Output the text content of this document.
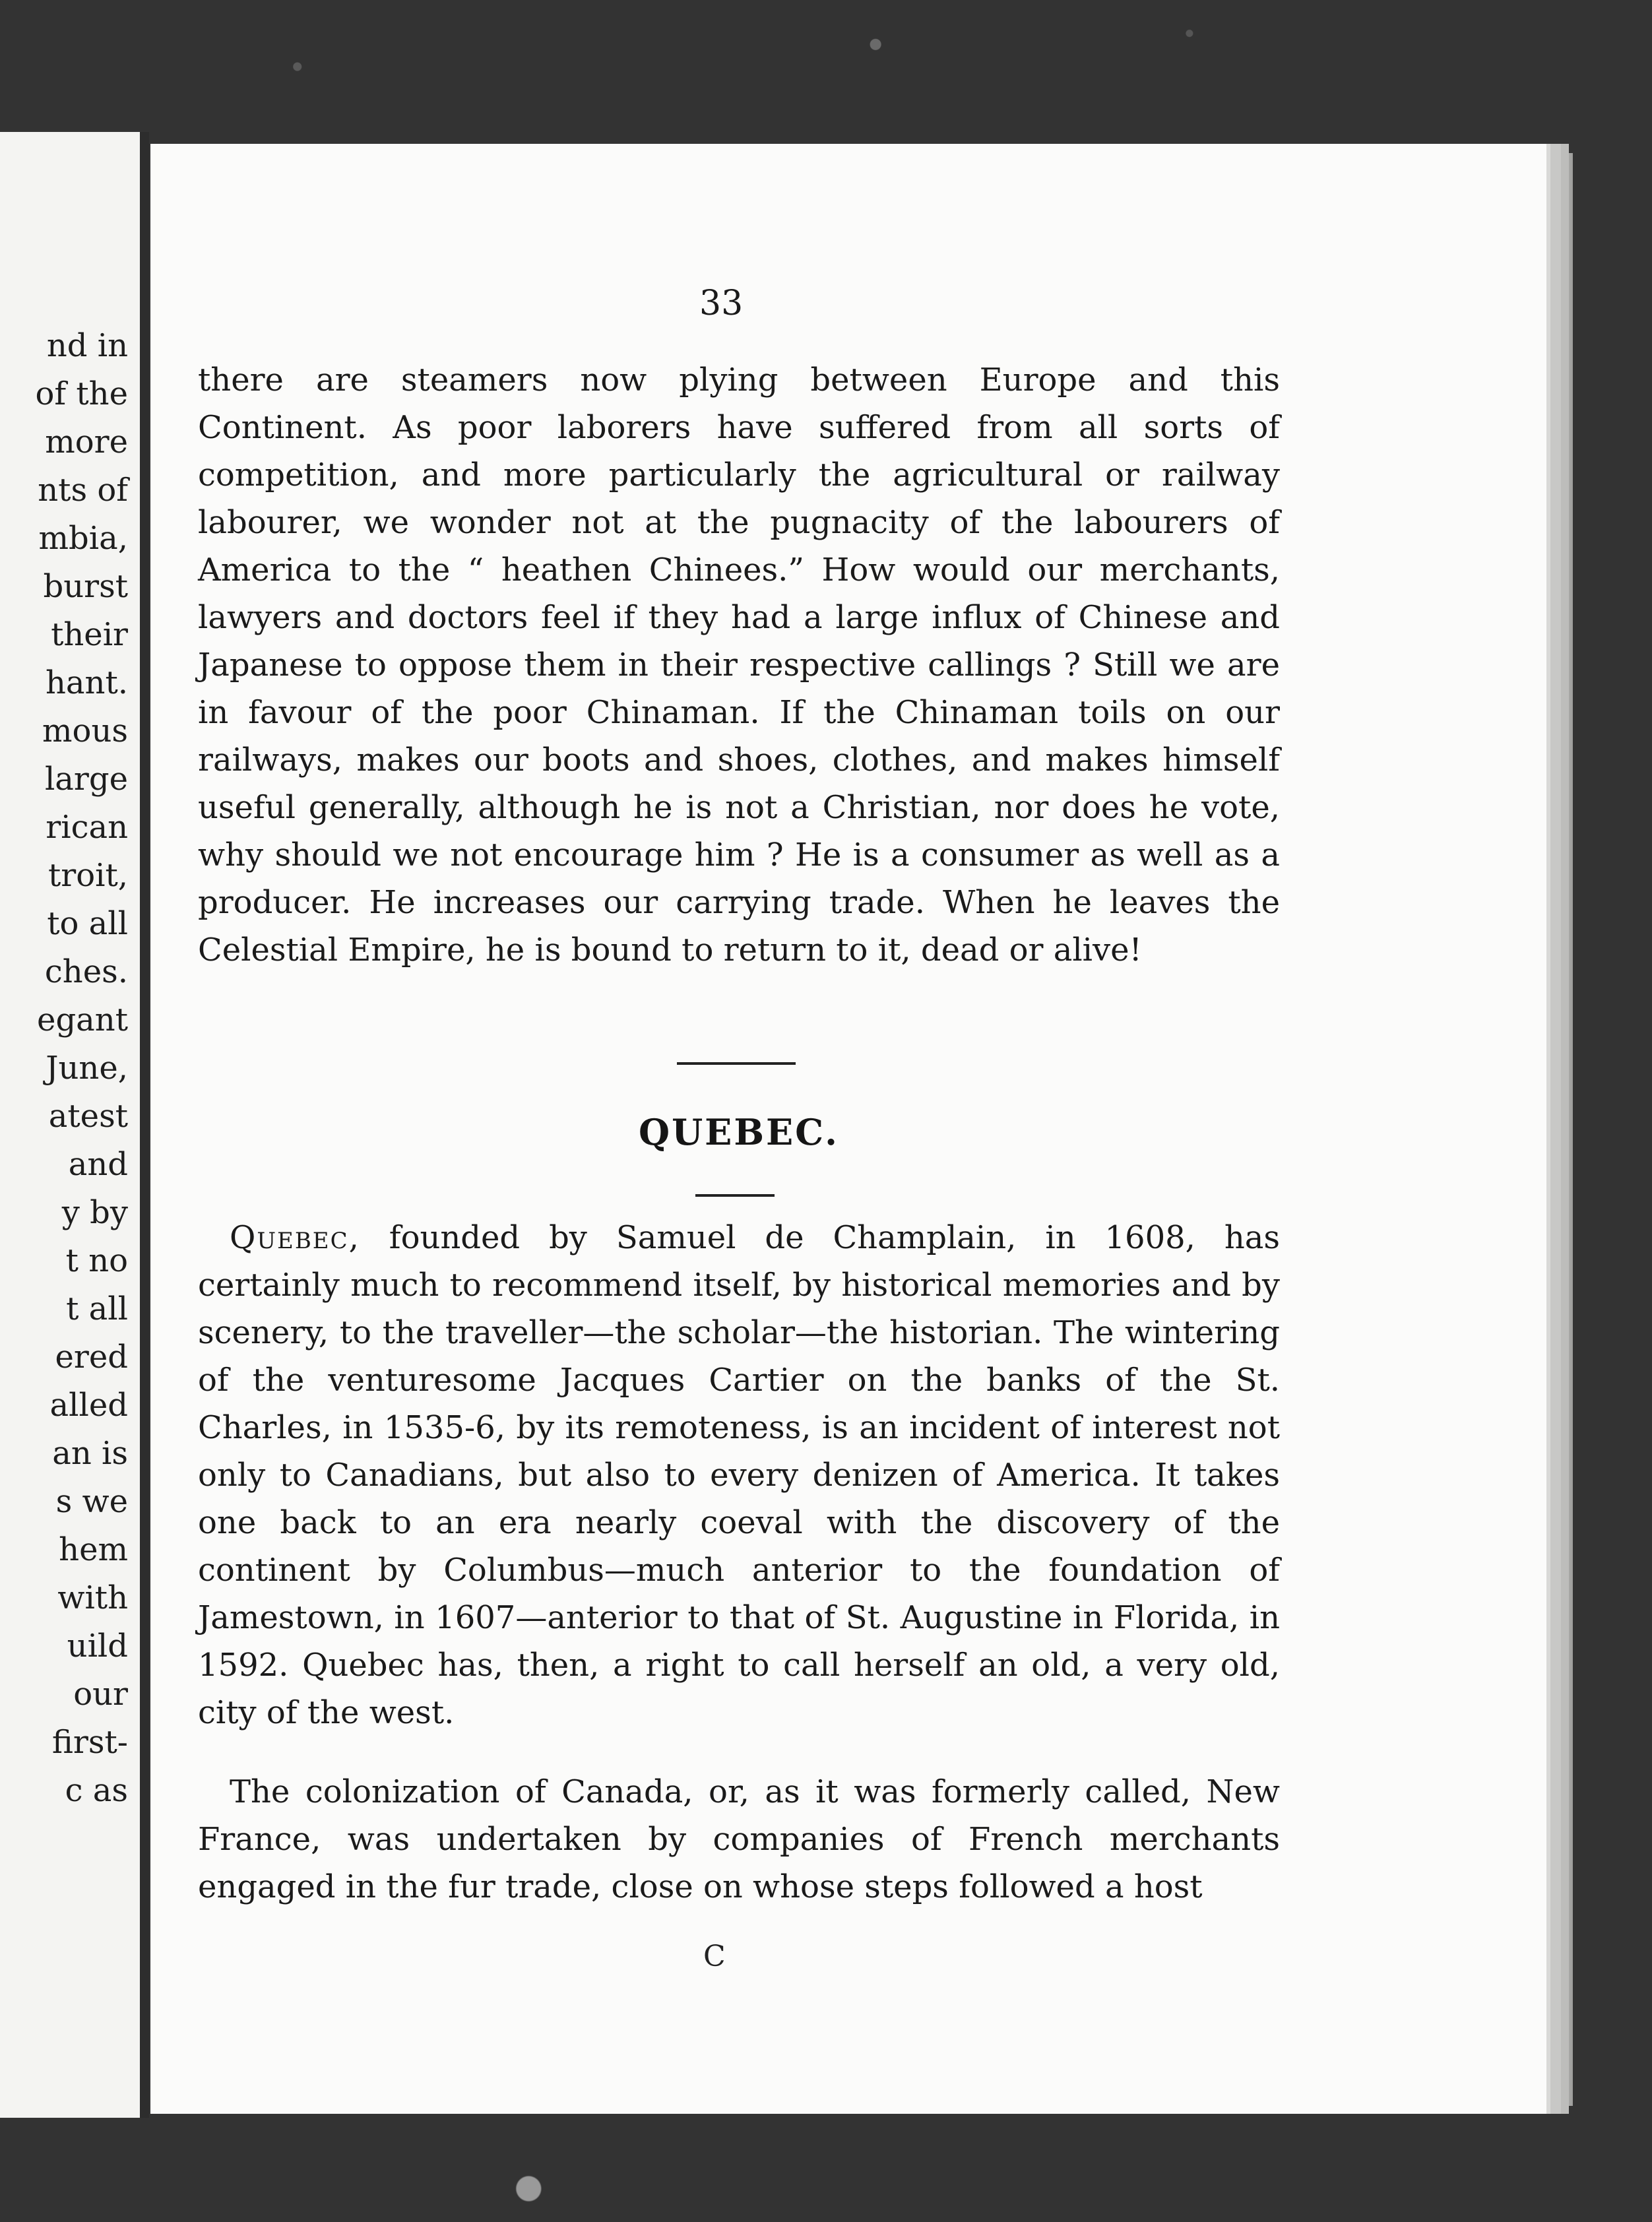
nd in
of the
more
nts of
mbia,
burst
their
hant.
mous
large
rican
troit,
to all
ches.
egant
June,
atest
and
y by
t no
t all
ered
alled
an is
s we
hem
with
uild
our
first-
c as
33

there are steamers now plying between Europe and this Continent. As poor laborers have suffered from all sorts of competition, and more particularly the agricultural or railway labourer, we wonder not at the pugnacity of the labourers of America to the “ heathen Chinees.” How would our merchants, lawyers and doctors feel if they had a large influx of Chinese and Japanese to oppose them in their respective callings ? Still we are in favour of the poor Chinaman. If the Chinaman toils on our railways, makes our boots and shoes, clothes, and makes himself useful generally, although he is not a Christian, nor does he vote, why should we not encourage him ? He is a consumer as well as a producer. He increases our carrying trade. When he leaves the Celestial Empire, he is bound to return to it, dead or alive!

QUEBEC.

Quebec, founded by Samuel de Champlain, in 1608, has certainly much to recommend itself, by historical memories and by scenery, to the traveller—the scholar—the historian. The wintering of the venturesome Jacques Cartier on the banks of the St. Charles, in 1535-6, by its remoteness, is an incident of interest not only to Canadians, but also to every denizen of America. It takes one back to an era nearly coeval with the discovery of the continent by Columbus—much anterior to the foundation of Jamestown, in 1607—anterior to that of St. Augustine in Florida, in 1592. Quebec has, then, a right to call herself an old, a very old, city of the west.

The colonization of Canada, or, as it was formerly called, New France, was undertaken by companies of French merchants engaged in the fur trade, close on whose steps followed a host

C
